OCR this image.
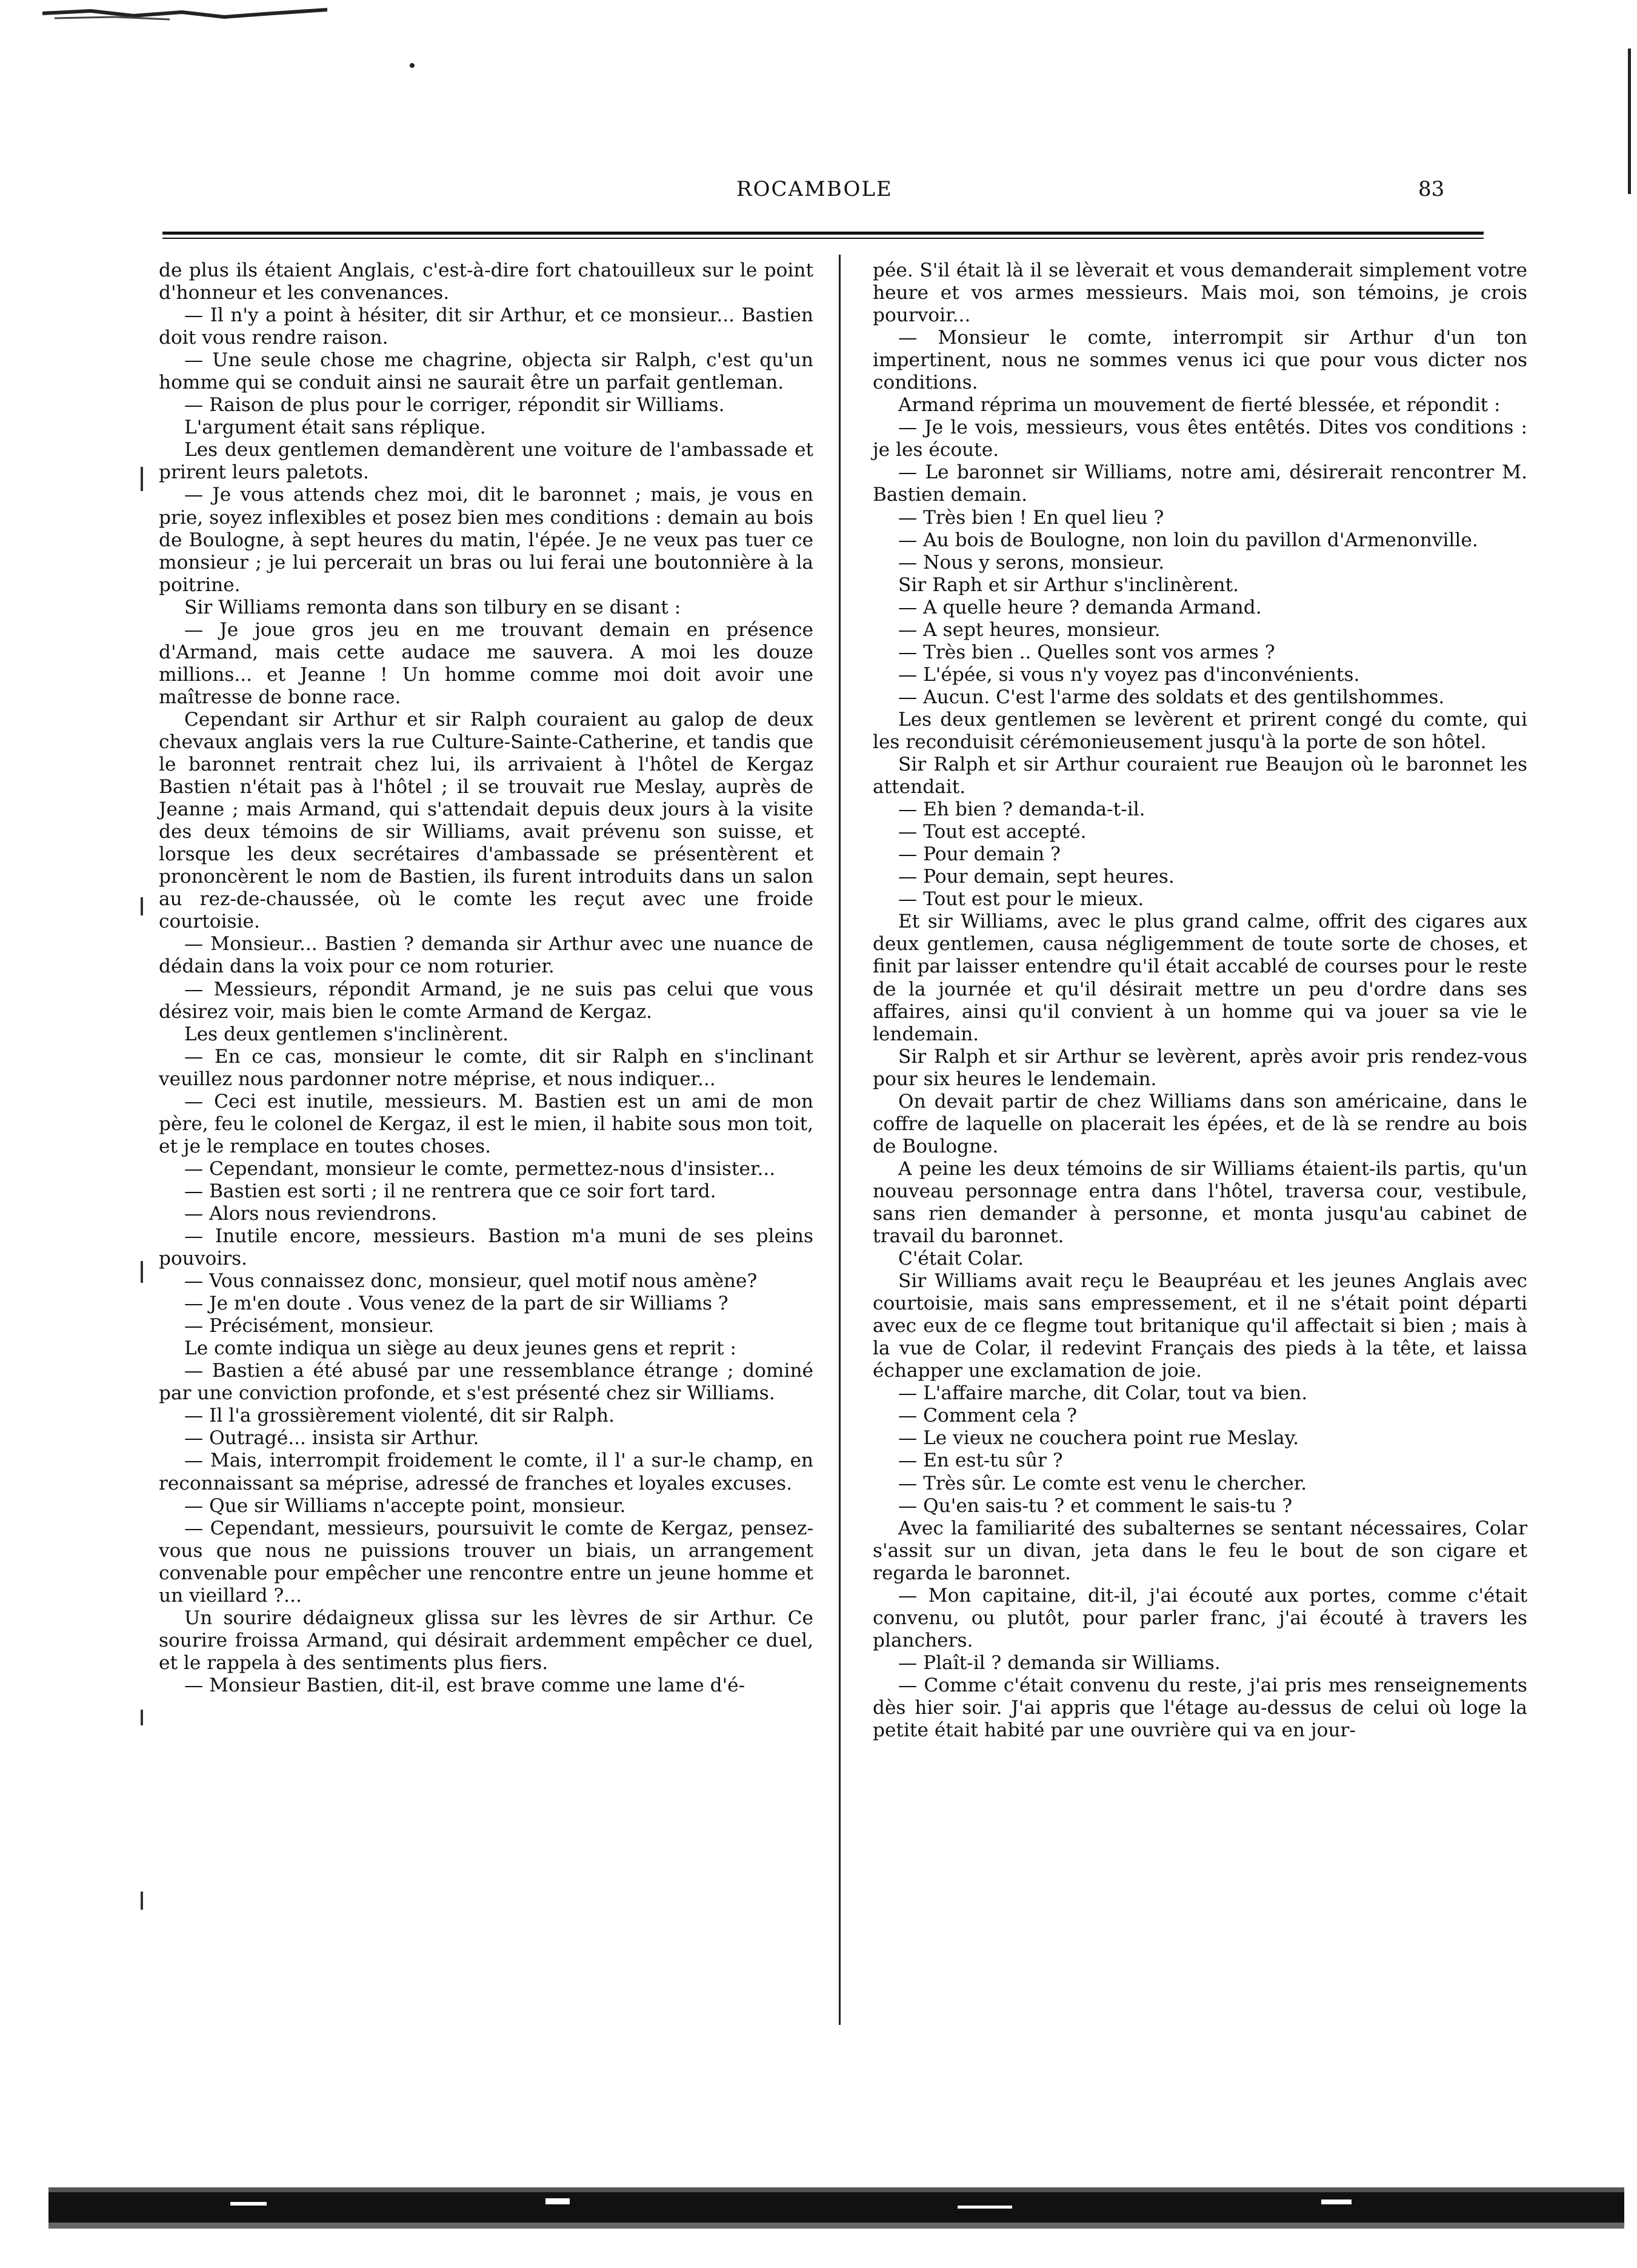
ROCAMBOLE	83

de plus ils étaient Anglais, c'est-à-dire fort chatouilleux sur le point d'honneur et les convenances.

— Il n'y a point à hésiter, dit sir Arthur, et ce monsieur... Bastien doit vous rendre raison.

— Une seule chose me chagrine, objecta sir Ralph, c'est qu'un homme qui se conduit ainsi ne saurait être un parfait gentleman.

— Raison de plus pour le corriger, répondit sir Williams.

L'argument était sans réplique.

Les deux gentlemen demandèrent une voiture de l'ambassade et prirent leurs paletots.

— Je vous attends chez moi, dit le baronnet ; mais, je vous en prie, soyez inflexibles et posez bien mes conditions : demain au bois de Boulogne, à sept heures du matin, l'épée. Je ne veux pas tuer ce monsieur ; je lui percerait un bras ou lui ferai une boutonnière à la poitrine.

Sir Williams remonta dans son tilbury en se disant :

— Je joue gros jeu en me trouvant demain en présence d'Armand, mais cette audace me sauvera. A moi les douze millions... et Jeanne ! Un homme comme moi doit avoir une maîtresse de bonne race.

Cependant sir Arthur et sir Ralph couraient au galop de deux chevaux anglais vers la rue Culture-Sainte-Catherine, et tandis que le baronnet rentrait chez lui, ils arrivaient à l'hôtel de Kergaz Bastien n'était pas à l'hôtel ; il se trouvait rue Meslay, auprès de Jeanne ; mais Armand, qui s'attendait depuis deux jours à la visite des deux témoins de sir Williams, avait prévenu son suisse, et lorsque les deux secrétaires d'ambassade se présentèrent et prononcèrent le nom de Bastien, ils furent introduits dans un salon au rez-de-chaussée, où le comte les reçut avec une froide courtoisie.

— Monsieur... Bastien ? demanda sir Arthur avec une nuance de dédain dans la voix pour ce nom roturier.

— Messieurs, répondit Armand, je ne suis pas celui que vous désirez voir, mais bien le comte Armand de Kergaz.

Les deux gentlemen s'inclinèrent.

— En ce cas, monsieur le comte, dit sir Ralph en s'inclinant veuillez nous pardonner notre méprise, et nous indiquer...

— Ceci est inutile, messieurs. M. Bastien est un ami de mon père, feu le colonel de Kergaz, il est le mien, il habite sous mon toit, et je le remplace en toutes choses.

— Cependant, monsieur le comte, permettez-nous d'insister...

— Bastien est sorti ; il ne rentrera que ce soir fort tard.

— Alors nous reviendrons.

— Inutile encore, messieurs. Bastion m'a muni de ses pleins pouvoirs.

— Vous connaissez donc, monsieur, quel motif nous amène?

— Je m'en doute . Vous venez de la part de sir Williams ?

— Précisément, monsieur.

Le comte indiqua un siège au deux jeunes gens et reprit :

— Bastien a été abusé par une ressemblance étrange ; dominé par une conviction profonde, et s'est présenté chez sir Williams.

— Il l'a grossièrement violenté, dit sir Ralph.

— Outragé... insista sir Arthur.

— Mais, interrompit froidement le comte, il l' a sur-le champ, en reconnaissant sa méprise, adressé de franches et loyales excuses.

— Que sir Williams n'accepte point, monsieur.

— Cependant, messieurs, poursuivit le comte de Kergaz, pensez-vous que nous ne puissions trouver un biais, un arrangement convenable pour empêcher une rencontre entre un jeune homme et un vieillard ?...

Un sourire dédaigneux glissa sur les lèvres de sir Arthur. Ce sourire froissa Armand, qui désirait ardemment empêcher ce duel, et le rappela à des sentiments plus fiers.

— Monsieur Bastien, dit-il, est brave comme une lame d'é-

pée. S'il était là il se lèverait et vous demanderait simplement votre heure et vos armes messieurs. Mais moi, son témoins, je crois pourvoir...

— Monsieur le comte, interrompit sir Arthur d'un ton impertinent, nous ne sommes venus ici que pour vous dicter nos conditions.

Armand réprima un mouvement de fierté blessée, et répondit :

— Je le vois, messieurs, vous êtes entêtés. Dites vos conditions : je les écoute.

— Le baronnet sir Williams, notre ami, désirerait rencontrer M. Bastien demain.

— Très bien ! En quel lieu ?

— Au bois de Boulogne, non loin du pavillon d'Armenonville.

— Nous y serons, monsieur.

Sir Raph et sir Arthur s'inclinèrent.

— A quelle heure ? demanda Armand.

— A sept heures, monsieur.

— Très bien .. Quelles sont vos armes ?

— L'épée, si vous n'y voyez pas d'inconvénients.

— Aucun. C'est l'arme des soldats et des gentilshommes.

Les deux gentlemen se levèrent et prirent congé du comte, qui les reconduisit cérémonieusement jusqu'à la porte de son hôtel.

Sir Ralph et sir Arthur couraient rue Beaujon où le baronnet les attendait.

— Eh bien ? demanda-t-il.

— Tout est accepté.

— Pour demain ?

— Pour demain, sept heures.

— Tout est pour le mieux.

Et sir Williams, avec le plus grand calme, offrit des cigares aux deux gentlemen, causa négligemment de toute sorte de choses, et finit par laisser entendre qu'il était accablé de courses pour le reste de la journée et qu'il désirait mettre un peu d'ordre dans ses affaires, ainsi qu'il convient à un homme qui va jouer sa vie le lendemain.

Sir Ralph et sir Arthur se levèrent, après avoir pris rendez-vous pour six heures le lendemain.

On devait partir de chez Williams dans son américaine, dans le coffre de laquelle on placerait les épées, et de là se rendre au bois de Boulogne.

A peine les deux témoins de sir Williams étaient-ils partis, qu'un nouveau personnage entra dans l'hôtel, traversa cour, vestibule, sans rien demander à personne, et monta jusqu'au cabinet de travail du baronnet.

C'était Colar.

Sir Williams avait reçu le Beaupréau et les jeunes Anglais avec courtoisie, mais sans empressement, et il ne s'était point départi avec eux de ce flegme tout britanique qu'il affectait si bien ; mais à la vue de Colar, il redevint Français des pieds à la tête, et laissa échapper une exclamation de joie.

— L'affaire marche, dit Colar, tout va bien.

— Comment cela ?

— Le vieux ne couchera point rue Meslay.

— En est-tu sûr ?

— Très sûr. Le comte est venu le chercher.

— Qu'en sais-tu ? et comment le sais-tu ?

Avec la familiarité des subalternes se sentant nécessaires, Colar s'assit sur un divan, jeta dans le feu le bout de son cigare et regarda le baronnet.

— Mon capitaine, dit-il, j'ai écouté aux portes, comme c'était convenu, ou plutôt, pour parler franc, j'ai écouté à travers les planchers.

— Plaît-il ? demanda sir Williams.

— Comme c'était convenu du reste, j'ai pris mes renseignements dès hier soir. J'ai appris que l'étage au-dessus de celui où loge la petite était habité par une ouvrière qui va en jour-
